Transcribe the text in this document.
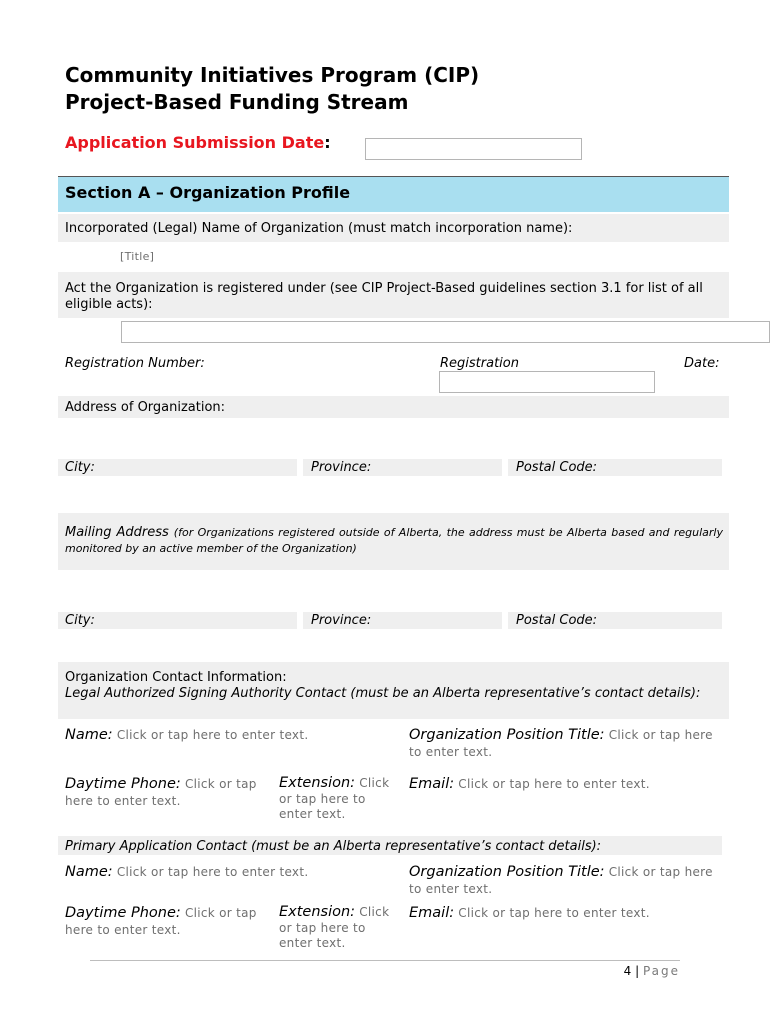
Community Initiatives Program (CIP)
Project-Based Funding Stream
Application Submission Date:
Section A – Organization Profile
Incorporated (Legal) Name of Organization (must match incorporation name):
[Title]
Act the Organization is registered under (see CIP Project-Based guidelines section 3.1 for list of all eligible acts):
Registration Number:	Registration	Date:
Address of Organization:
City:	Province:	Postal Code:
Mailing Address (for Organizations registered outside of Alberta, the address must be Alberta based and regularly monitored by an active member of the Organization)
City:	Province:	Postal Code:
Organization Contact Information:
Legal Authorized Signing Authority Contact (must be an Alberta representative’s contact details):
Name: Click or tap here to enter text.	Organization Position Title: Click or tap here to enter text.
Daytime Phone: Click or tap here to enter text.
Extension: Click or tap here to enter text.
Email: Click or tap here to enter text.
Primary Application Contact (must be an Alberta representative’s contact details):
Name: Click or tap here to enter text.	Organization Position Title: Click or tap here to enter text.
Daytime Phone: Click or tap here to enter text.
Extension: Click or tap here to enter text.
Email: Click or tap here to enter text.
4 | Page
